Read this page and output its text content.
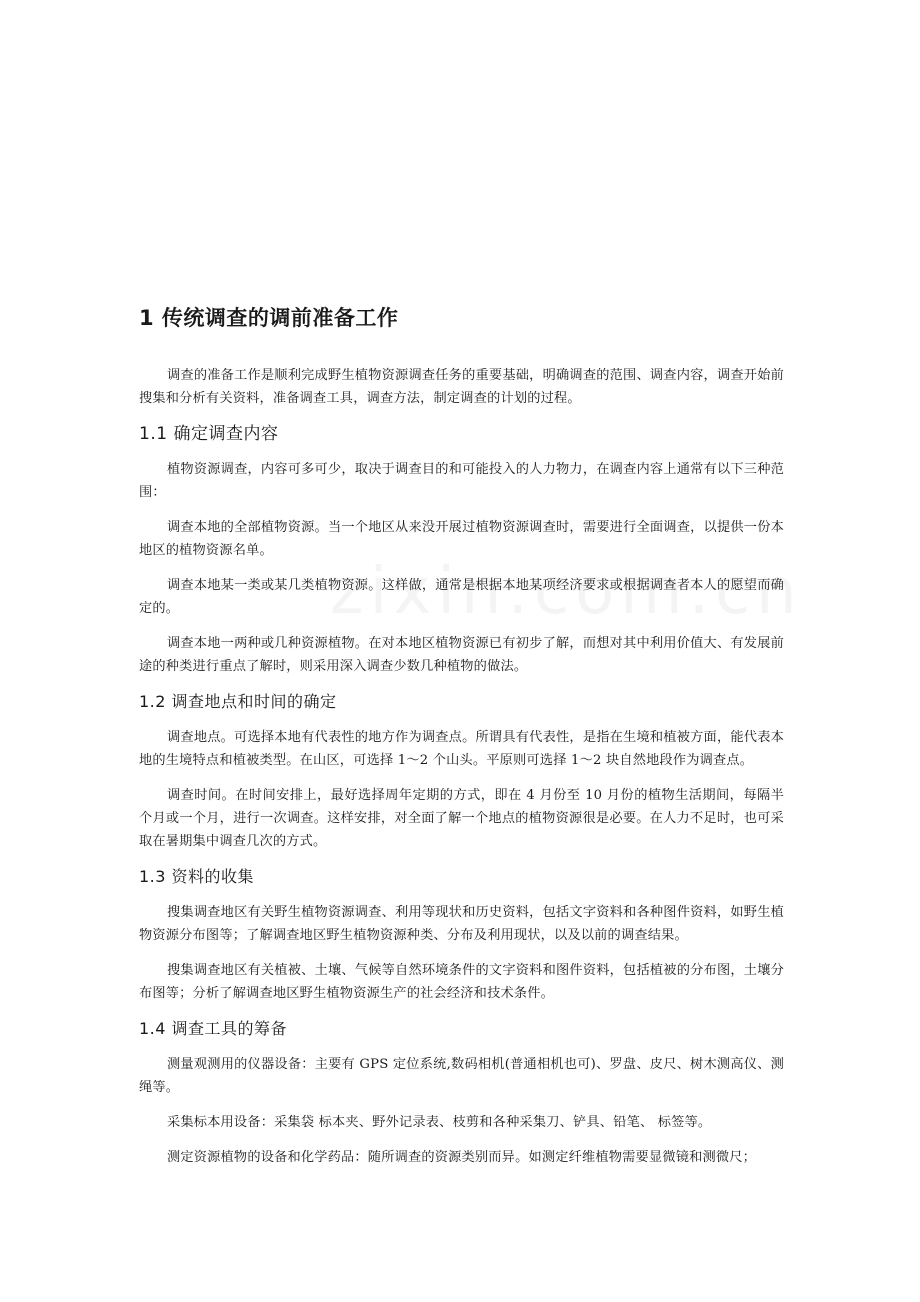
1 传统调查的调前准备工作

调查的准备工作是顺利完成野生植物资源调查任务的重要基础，明确调查的范围、调查内容，调查开始前搜集和分析有关资料，准备调查工具，调查方法，制定调查的计划的过程。

1.1 确定调查内容

植物资源调查，内容可多可少，取决于调查目的和可能投入的人力物力，在调查内容上通常有以下三种范围：

调查本地的全部植物资源。当一个地区从来没开展过植物资源调查时，需要进行全面调查，以提供一份本地区的植物资源名单。

调查本地某一类或某几类植物资源。这样做，通常是根据本地某项经济要求或根据调查者本人的愿望而确定的。

调查本地一两种或几种资源植物。在对本地区植物资源已有初步了解，而想对其中利用价值大、有发展前途的种类进行重点了解时，则采用深入调查少数几种植物的做法。

1.2 调查地点和时间的确定

调查地点。可选择本地有代表性的地方作为调查点。所谓具有代表性，是指在生境和植被方面，能代表本地的生境特点和植被类型。在山区，可选择 1～2 个山头。平原则可选择 1～2 块自然地段作为调查点。

调查时间。在时间安排上，最好选择周年定期的方式，即在 4 月份至 10 月份的植物生活期间，每隔半个月或一个月，进行一次调查。这样安排，对全面了解一个地点的植物资源很是必要。在人力不足时，也可采取在暑期集中调查几次的方式。

1.3 资料的收集

搜集调查地区有关野生植物资源调查、利用等现状和历史资料，包括文字资料和各种图件资料，如野生植物资源分布图等；了解调查地区野生植物资源种类、分布及利用现状，以及以前的调查结果。

搜集调查地区有关植被、土壤、气候等自然环境条件的文字资料和图件资料，包括植被的分布图，土壤分布图等；分析了解调查地区野生植物资源生产的社会经济和技术条件。

1.4 调查工具的筹备

测量观测用的仪器设备：主要有 GPS 定位系统,数码相机(普通相机也可)、罗盘、皮尺、树木测高仪、测绳等。

采集标本用设备：采集袋 标本夹、野外记录表、枝剪和各种采集刀、铲具、铅笔、 标签等。

测定资源植物的设备和化学药品：随所调查的资源类别而异。如测定纤维植物需要显微镜和测微尺；
